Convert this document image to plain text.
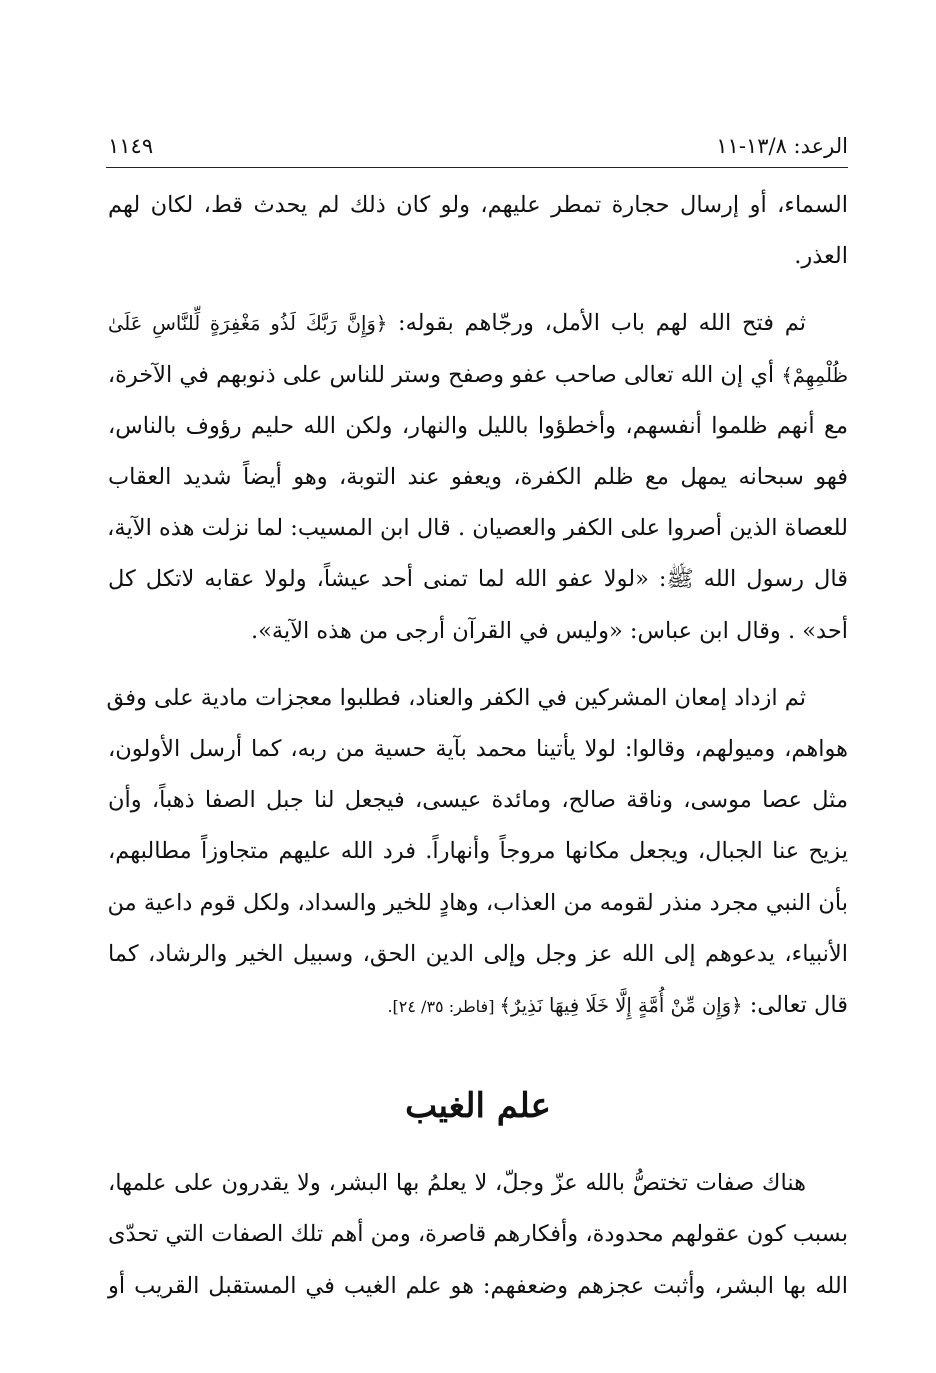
الرعد: ١٣/٨-١١
١١٤٩
السماء، أو إرسال حجارة تمطر عليهم، ولو كان ذلك لم يحدث قط، لكان لهم
العذر.
ثم فتح الله لهم باب الأمل، ورجّاهم بقوله: ﴿وَإِنَّ رَبَّكَ لَذُو مَغْفِرَةٍ لِّلنَّاسِ عَلَىٰ
ظُلْمِهِمْ﴾ أي إن الله تعالى صاحب عفو وصفح وستر للناس على ذنوبهم في الآخرة،
مع أنهم ظلموا أنفسهم، وأخطؤوا بالليل والنهار، ولكن الله حليم رؤوف بالناس،
فهو سبحانه يمهل مع ظلم الكفرة، ويعفو عند التوبة، وهو أيضاً شديد العقاب
للعصاة الذين أصروا على الكفر والعصيان . قال ابن المسيب: لما نزلت هذه الآية،
قال رسول الله ﷺ: «لولا عفو الله لما تمنى أحد عيشاً، ولولا عقابه لاتكل كل
أحد» . وقال ابن عباس: «وليس في القرآن أرجى من هذه الآية».
ثم ازداد إمعان المشركين في الكفر والعناد، فطلبوا معجزات مادية على وفق
هواهم، وميولهم، وقالوا: لولا يأتينا محمد بآية حسية من ربه، كما أرسل الأولون،
مثل عصا موسى، وناقة صالح، ومائدة عيسى، فيجعل لنا جبل الصفا ذهباً، وأن
يزيح عنا الجبال، ويجعل مكانها مروجاً وأنهاراً. فرد الله عليهم متجاوزاً مطالبهم،
بأن النبي مجرد منذر لقومه من العذاب، وهادٍ للخير والسداد، ولكل قوم داعية من
الأنبياء، يدعوهم إلى الله عز وجل وإلى الدين الحق، وسبيل الخير والرشاد، كما
قال تعالى: ﴿وَإِن مِّنْ أُمَّةٍ إِلَّا خَلَا فِيهَا نَذِيرٌ﴾ [فاطر: ٣٥/ ٢٤].
علم الغيب
هناك صفات تختصُّ بالله عزّ وجلّ، لا يعلمُ بها البشر، ولا يقدرون على علمها،
بسبب كون عقولهم محدودة، وأفكارهم قاصرة، ومن أهم تلك الصفات التي تحدّى
الله بها البشر، وأثبت عجزهم وضعفهم: هو علم الغيب في المستقبل القريب أو
